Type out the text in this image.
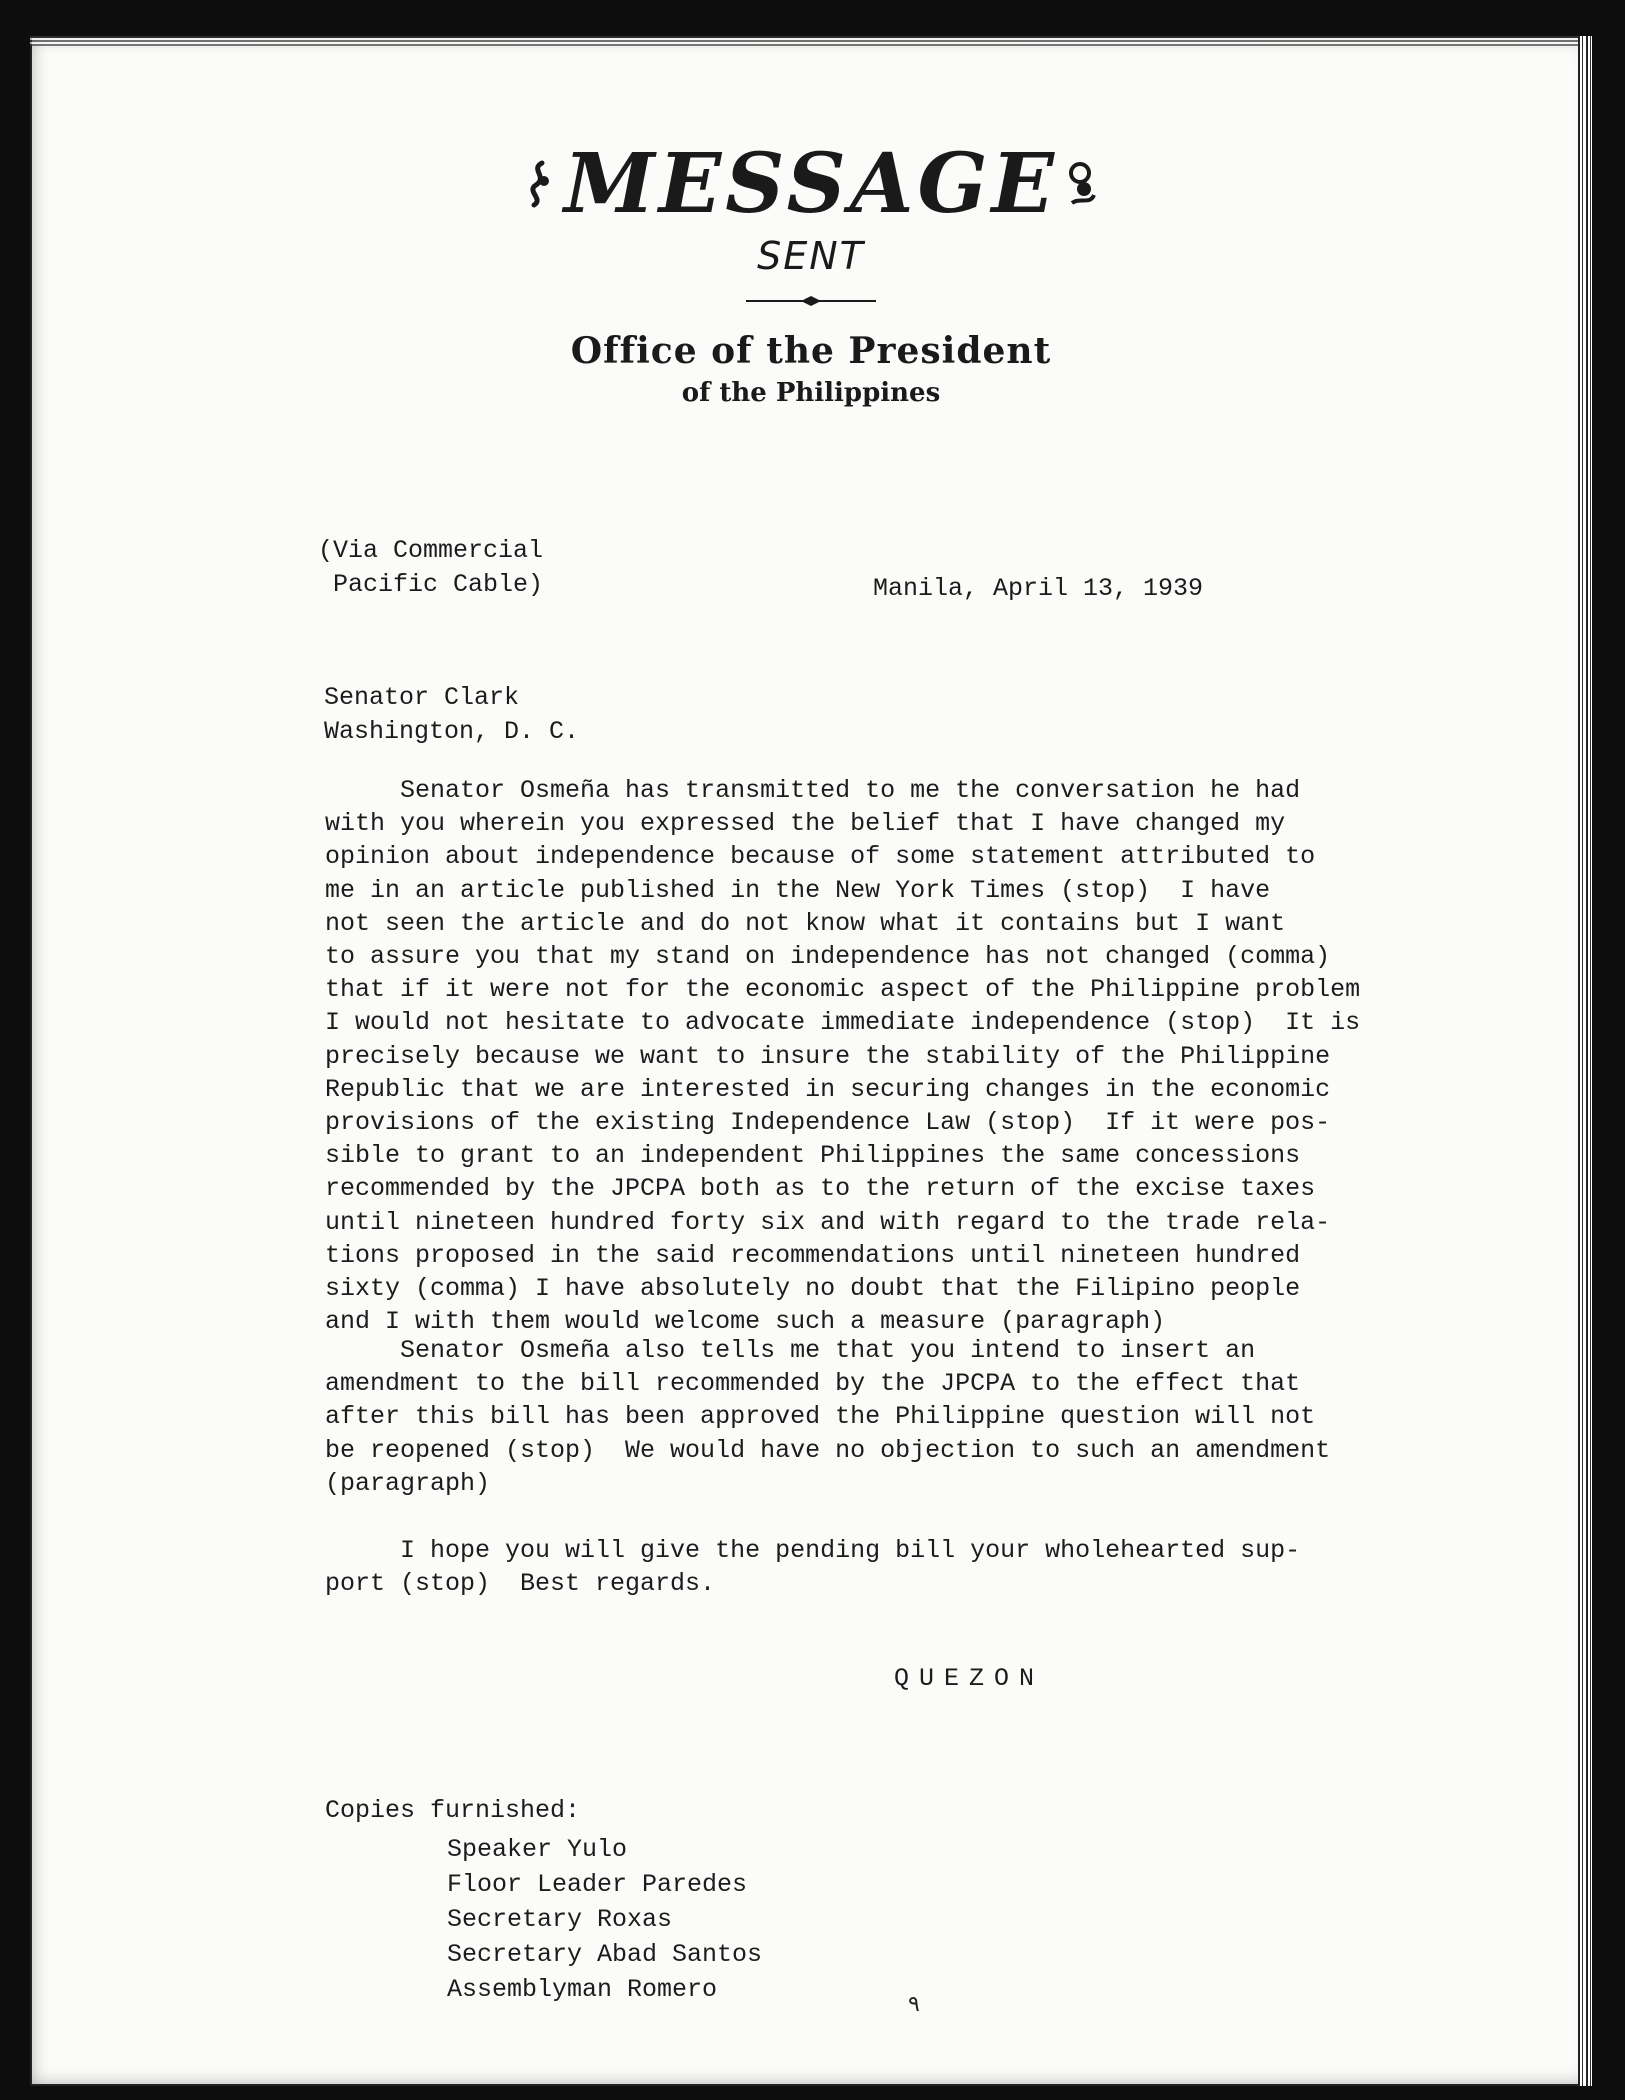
MESSAGE
SENT
Office of the President
of the Philippines
(Via Commercial
Pacific Cable)	Manila, April 13, 1939
Senator Clark
Washington, D. C.
Senator Osmeña has transmitted to me the conversation he had
with you wherein you expressed the belief that I have changed my
opinion about independence because of some statement attributed to
me in an article published in the New York Times (stop)  I have
not seen the article and do not know what it contains but I want
to assure you that my stand on independence has not changed (comma)
that if it were not for the economic aspect of the Philippine problem
I would not hesitate to advocate immediate independence (stop)  It is
precisely because we want to insure the stability of the Philippine
Republic that we are interested in securing changes in the economic
provisions of the existing Independence Law (stop)  If it were pos-
sible to grant to an independent Philippines the same concessions
recommended by the JPCPA both as to the return of the excise taxes
until nineteen hundred forty six and with regard to the trade rela-
tions proposed in the said recommendations until nineteen hundred
sixty (comma) I have absolutely no doubt that the Filipino people
and I with them would welcome such a measure (paragraph)
Senator Osmeña also tells me that you intend to insert an
amendment to the bill recommended by the JPCPA to the effect that
after this bill has been approved the Philippine question will not
be reopened (stop)  We would have no objection to such an amendment
(paragraph)
I hope you will give the pending bill your wholehearted sup-
port (stop)  Best regards.
QUEZON
Copies furnished:
Speaker Yulo
Floor Leader Paredes
Secretary Roxas
Secretary Abad Santos
Assemblyman Romero
٩
